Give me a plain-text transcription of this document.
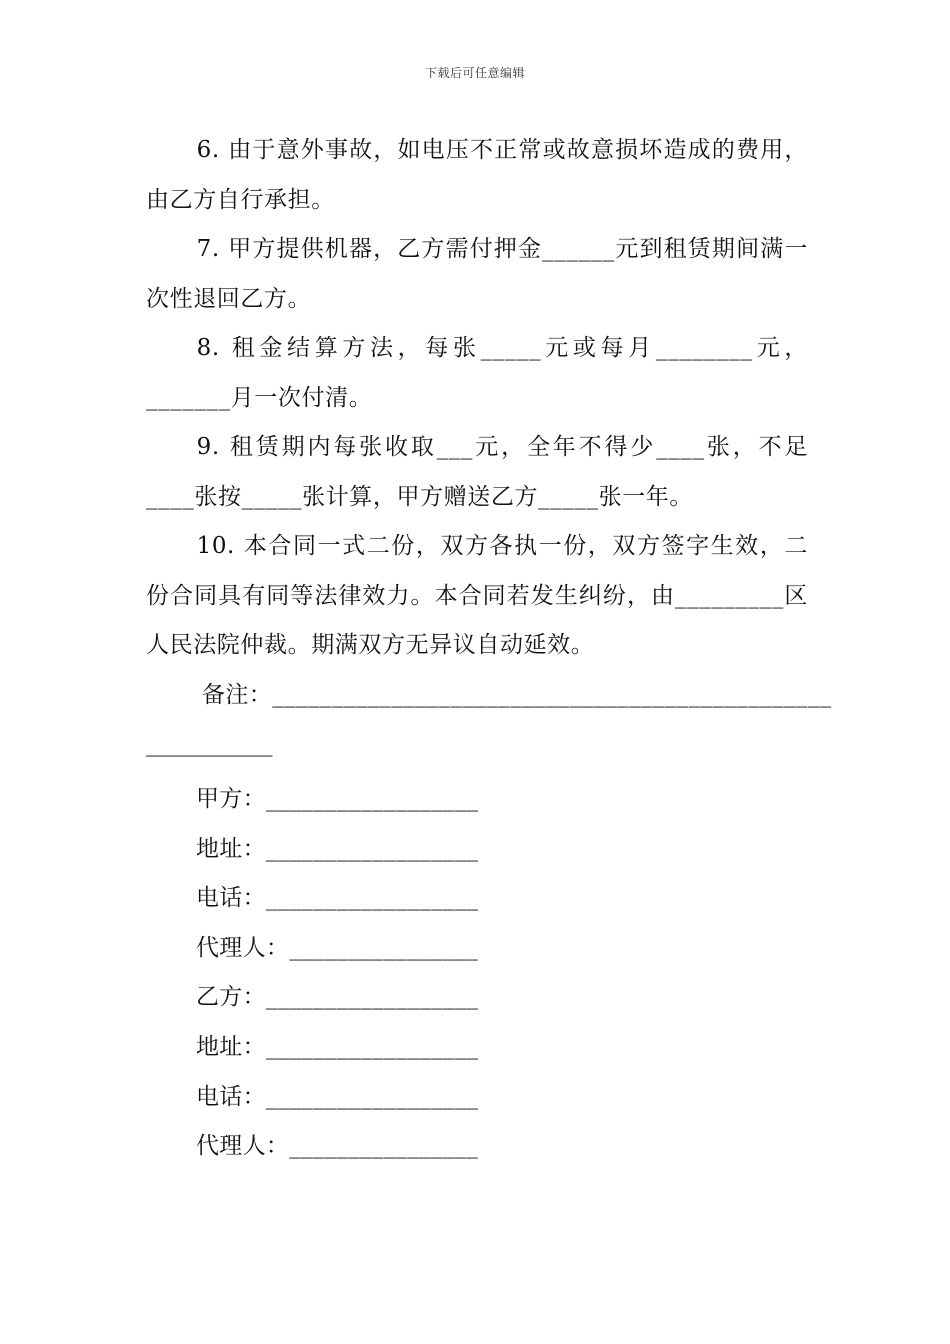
下载后可任意编辑

6. 由于意外事故，如电压不正常或故意损坏造成的费用，由乙方自行承担。

7. 甲方提供机器，乙方需付押金______元到租赁期间满一次性退回乙方。

8. 租金结算方法，每张_____元或每月________元，_______月一次付清。

9. 租赁期内每张收取___元，全年不得少____张，不足____张按_____张计算，甲方赠送乙方_____张一年。

10. 本合同一式二份，双方各执一份，双方签字生效，二份合同具有同等法律效力。本合同若发生纠纷，由_________区人民法院仲裁。期满双方无异议自动延效。

备注：_______________________________________________

___________

甲方：__________________
地址：__________________
电话：__________________
代理人：________________
乙方：__________________
地址：__________________
电话：__________________
代理人：________________
